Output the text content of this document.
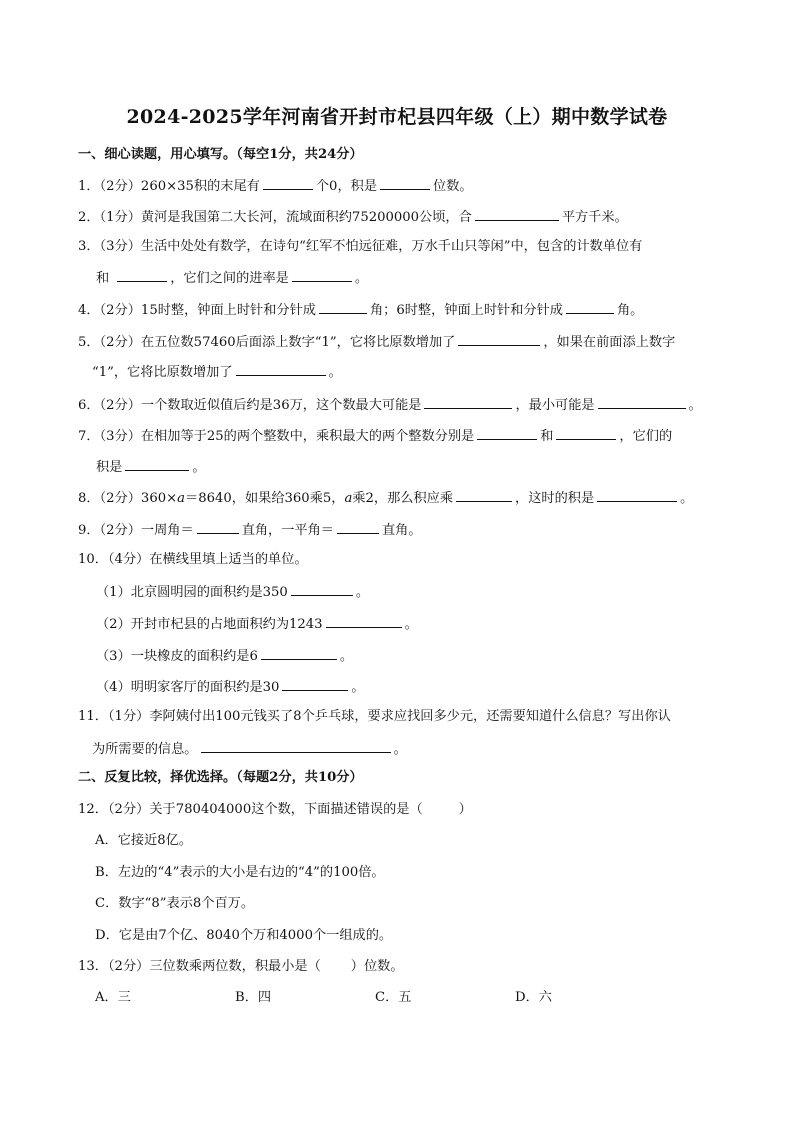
2024-2025学年河南省开封市杞县四年级（上）期中数学试卷
一、细心读题，用心填写。（每空1分，共24分）
1．（2分）260×35积的末尾有	个0，积是	位数。
2．（1分）黄河是我国第二大长河，流域面积约75200000公顷，合	平方千米。
3．（3分）生活中处处有数学，在诗句“红军不怕远征难，万水千山只等闲”中，包含的计数单位有
和	，它们之间的进率是	。
4．（2分）15时整，钟面上时针和分针成	角；6时整，钟面上时针和分针成	角。
5．（2分）在五位数57460后面添上数字“1”，它将比原数增加了	，如果在前面添上数字
“1”，它将比原数增加了	。
6．（2分）一个数取近似值后约是36万，这个数最大可能是	，最小可能是	。
7．（3分）在相加等于25的两个整数中，乘积最大的两个整数分别是	和	，它们的
积是	。
8．（2分）360×a＝8640，如果给360乘5，a乘2，那么积应乘	，这时的积是	。
9．（2分）一周角＝	直角，一平角＝	直角。
10．（4分）在横线里填上适当的单位。
（1）北京圆明园的面积约是350	。
（2）开封市杞县的占地面积约为1243	。
（3）一块橡皮的面积约是6	。
（4）明明家客厅的面积约是30	。
11．（1分）李阿姨付出100元钱买了8个乒乓球，要求应找回多少元，还需要知道什么信息？写出你认
为所需要的信息。	。
二、反复比较，择优选择。（每题2分，共10分）
12．（2分）关于780404000这个数，下面描述错误的是（	）
A．它接近8亿。
B．左边的“4”表示的大小是右边的“4”的100倍。
C．数字“8”表示8个百万。
D．它是由7个亿、8040个万和4000个一组成的。
13．（2分）三位数乘两位数，积最小是（ ）位数。
A．三	B．四	C．五	D．六
